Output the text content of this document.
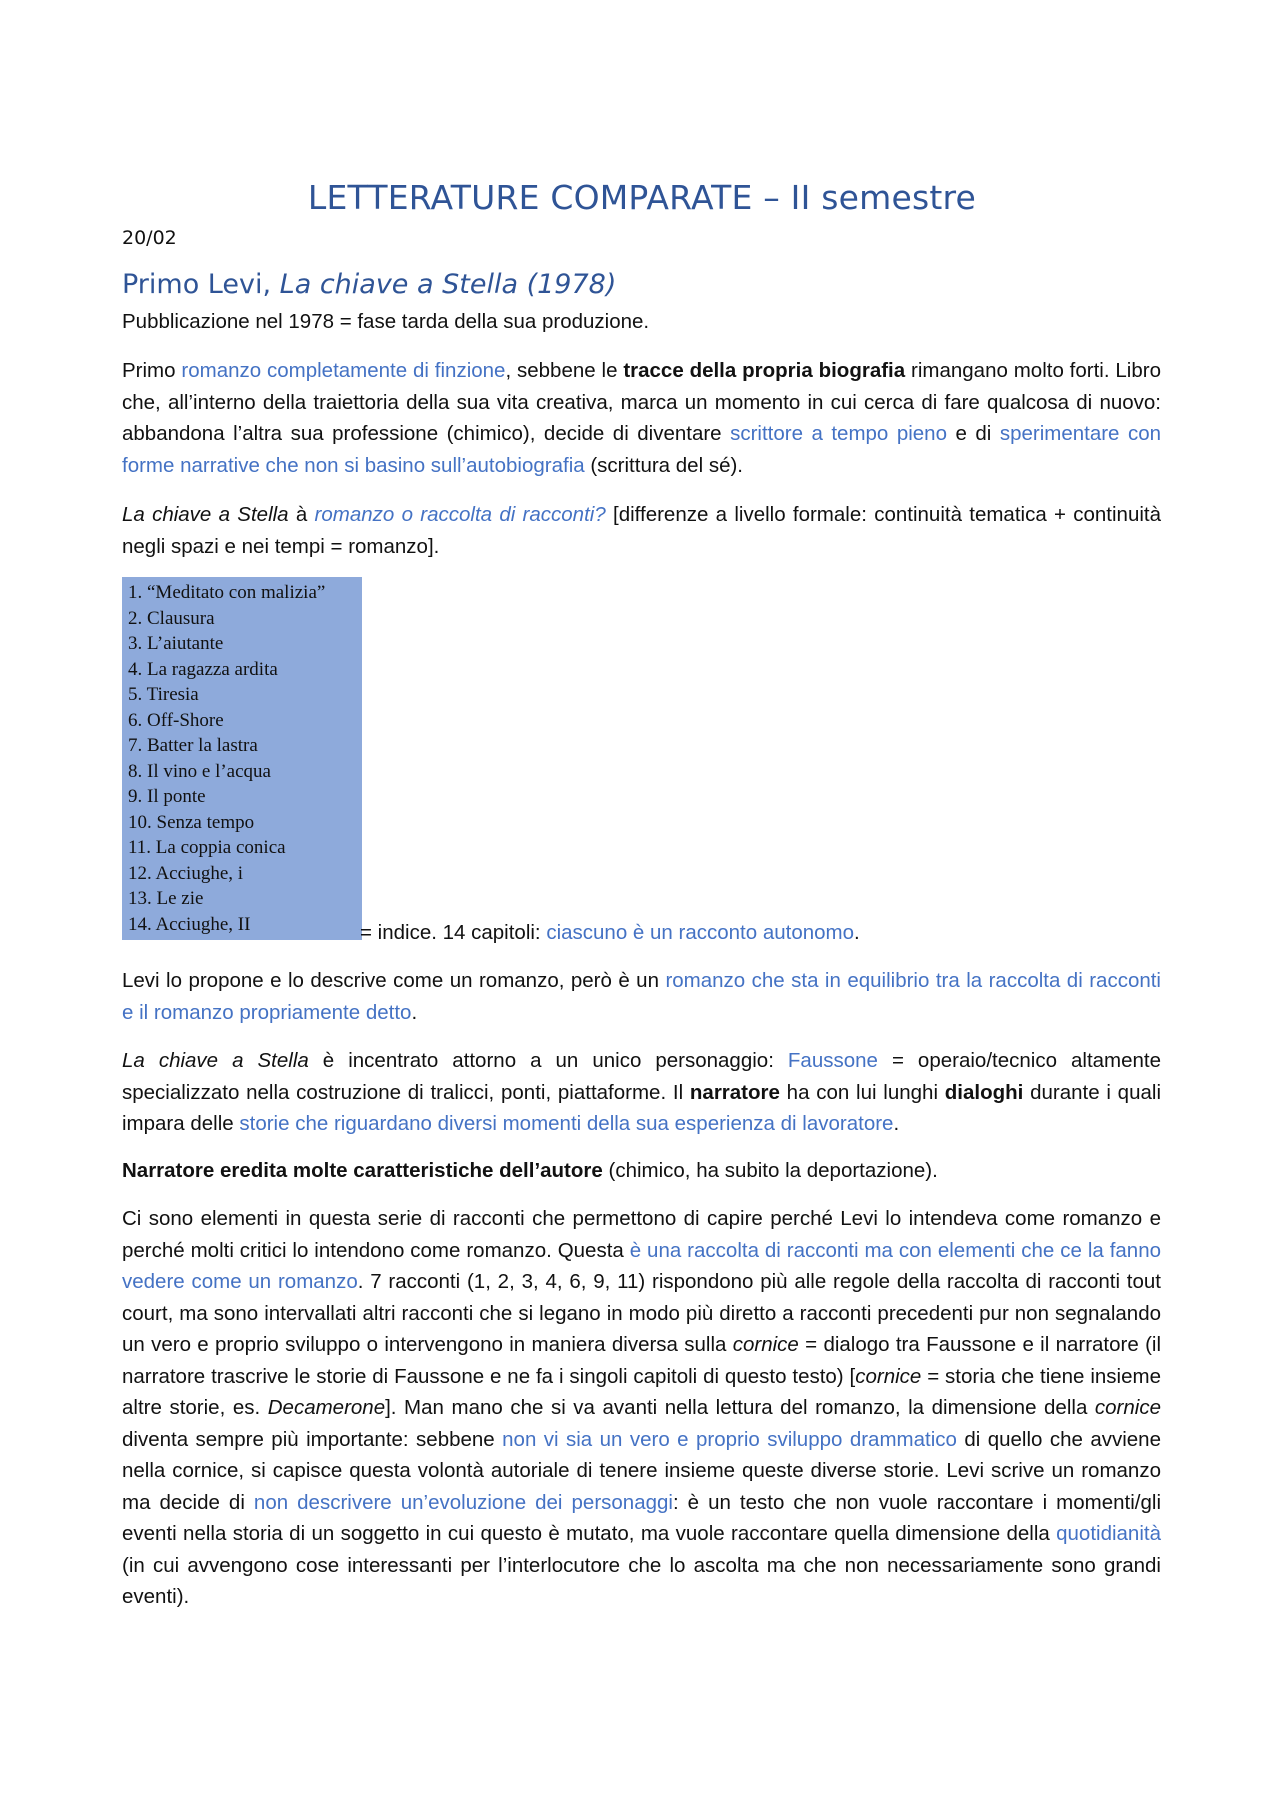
LETTERATURE COMPARATE – II semestre
20/02
Primo Levi, La chiave a Stella (1978)

Pubblicazione nel 1978 = fase tarda della sua produzione.

Primo romanzo completamente di finzione, sebbene le tracce della propria biografia rimangano molto forti. Libro che, all’interno della traiettoria della sua vita creativa, marca un momento in cui cerca di fare qualcosa di nuovo: abbandona l’altra sua professione (chimico), decide di diventare scrittore a tempo pieno e di sperimentare con forme narrative che non si basino sull’autobiografia (scrittura del sé).

La chiave a Stella à romanzo o raccolta di racconti? [differenze a livello formale: continuità tematica + continuità negli spazi e nei tempi = romanzo].

1. “Meditato con malizia”
2. Clausura
3. L’aiutante
4. La ragazza ardita
5. Tiresia
6. Off-Shore
7. Batter la lastra
8. Il vino e l’acqua
9. Il ponte
10. Senza tempo
11. La coppia conica
12. Acciughe, i
13. Le zie
14. Acciughe, II	= indice. 14 capitoli: ciascuno è un racconto autonomo.

Levi lo propone e lo descrive come un romanzo, però è un romanzo che sta in equilibrio tra la raccolta di racconti e il romanzo propriamente detto.

La chiave a Stella è incentrato attorno a un unico personaggio: Faussone = operaio/tecnico altamente specializzato nella costruzione di tralicci, ponti, piattaforme. Il narratore ha con lui lunghi dialoghi durante i quali impara delle storie che riguardano diversi momenti della sua esperienza di lavoratore.

Narratore eredita molte caratteristiche dell’autore (chimico, ha subito la deportazione).

Ci sono elementi in questa serie di racconti che permettono di capire perché Levi lo intendeva come romanzo e perché molti critici lo intendono come romanzo. Questa è una raccolta di racconti ma con elementi che ce la fanno vedere come un romanzo. 7 racconti (1, 2, 3, 4, 6, 9, 11) rispondono più alle regole della raccolta di racconti tout court, ma sono intervallati altri racconti che si legano in modo più diretto a racconti precedenti pur non segnalando un vero e proprio sviluppo o intervengono in maniera diversa sulla cornice = dialogo tra Faussone e il narratore (il narratore trascrive le storie di Faussone e ne fa i singoli capitoli di questo testo) [cornice = storia che tiene insieme altre storie, es. Decamerone]. Man mano che si va avanti nella lettura del romanzo, la dimensione della cornice diventa sempre più importante: sebbene non vi sia un vero e proprio sviluppo drammatico di quello che avviene nella cornice, si capisce questa volontà autoriale di tenere insieme queste diverse storie. Levi scrive un romanzo ma decide di non descrivere un’evoluzione dei personaggi: è un testo che non vuole raccontare i momenti/gli eventi nella storia di un soggetto in cui questo è mutato, ma vuole raccontare quella dimensione della quotidianità (in cui avvengono cose interessanti per l’interlocutore che lo ascolta ma che non necessariamente sono grandi eventi).
